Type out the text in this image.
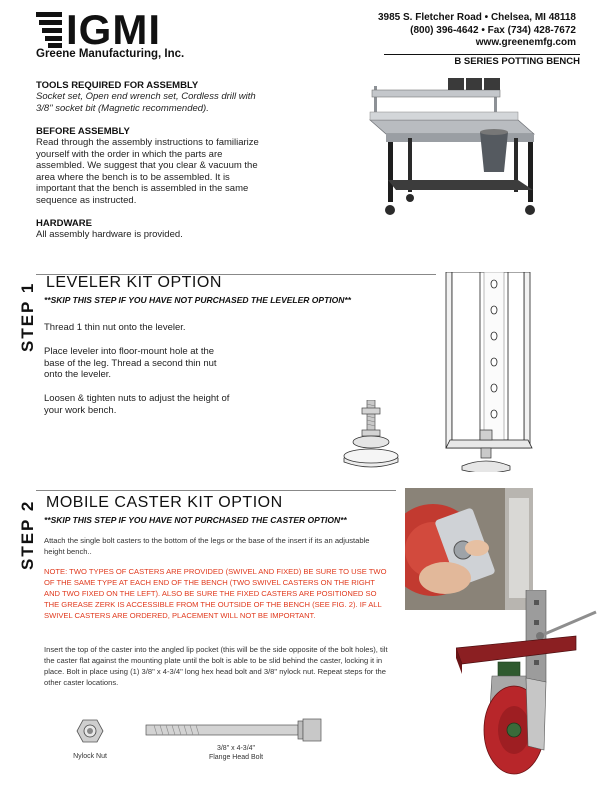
IGMI
Greene Manufacturing, Inc.
3985 S. Fletcher Road • Chelsea, MI 48118
(800) 396-4642 • Fax (734) 428-7672
www.greenemfg.com
B SERIES POTTING BENCH
TOOLS REQUIRED FOR ASSEMBLY
Socket set, Open end wrench set, Cordless drill with 3/8" socket bit (Magnetic recommended).
BEFORE ASSEMBLY
Read through the assembly instructions to familiarize yourself with the order in which the parts are assembled. We suggest that you clear & vacuum the area where the bench is to be assembled. It is important that the bench is assembled in the same sequence as instructed.
HARDWARE
All assembly hardware is provided.
STEP 1 LEVELER KIT OPTION
**SKIP THIS STEP IF YOU HAVE NOT PURCHASED THE LEVELER OPTION**
Thread 1 thin nut onto the leveler.
Place leveler into floor-mount hole at the base of the leg. Thread a second thin nut onto the leveler.
Loosen & tighten nuts to adjust the height of your work bench.
STEP 2 MOBILE CASTER KIT OPTION
**SKIP THIS STEP IF YOU HAVE NOT PURCHASED THE CASTER OPTION**
Attach the single bolt casters to the bottom of the legs or the base of the insert if its an adjustable height bench..
NOTE: TWO TYPES OF CASTERS ARE PROVIDED (SWIVEL AND FIXED) BE SURE TO USE TWO OF THE SAME TYPE AT EACH END OF THE BENCH (TWO SWIVEL CASTERS ON THE RIGHT AND TWO FIXED ON THE LEFT). ALSO BE SURE THE FIXED CASTERS ARE POSITIONED SO THE GREASE ZERK IS ACCESSIBLE FROM THE OUTSIDE OF THE BENCH (SEE FIG. 2). IF ALL SWIVEL CASTERS ARE ORDERED, PLACEMENT WILL NOT BE IMPORTANT.
Insert the top of the caster into the angled lip pocket (this will be the side opposite of the bolt holes), tilt the caster flat against the mounting plate until the bolt is able to be slid behind the caster, locking it in place. Bolt in place using (1) 3/8" x 4-3/4" long hex head bolt and 3/8" nylock nut. Repeat steps for the other caster locations.
Nylock Nut
3/8" x 4-3/4"
Flange Head Bolt
